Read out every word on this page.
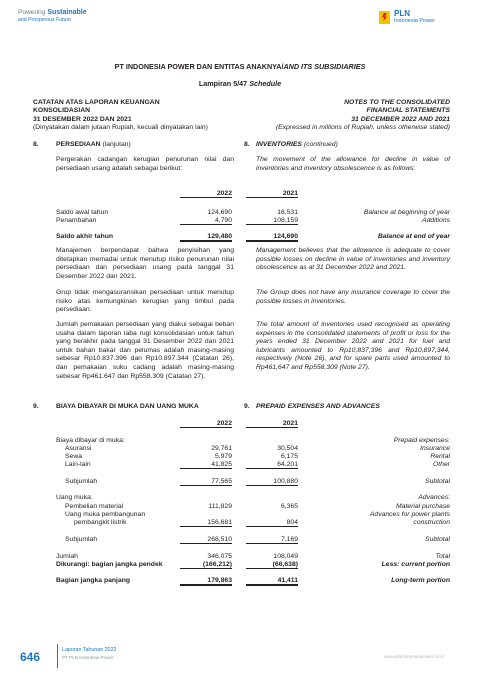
Powering Sustainable
and Prosperous Future
PLN
Indonesia Power
PT INDONESIA POWER DAN ENTITAS ANAKNYA/AND ITS SUBSIDIARIES
Lampiran 5/47 Schedule
CATATAN ATAS LAPORAN KEUANGAN
KONSOLIDASIAN
31 DESEMBER 2022 DAN 2021
(Dinyatakan dalam jutaan Rupiah, kecuali dinyatakan lain)
NOTES TO THE CONSOLIDATED
FINANCIAL STATEMENTS
31 DECEMBER 2022 AND 2021
(Expressed in millions of Rupiah, unless otherwise stated)
8.	PERSEDIAAN (lanjutan)	8. INVENTORIES (continued)
Pergerakan cadangan kerugian penurunan nilai dan persediaan usang adalah sebagai berikut:
The movement of the allowance for decline in value of inventories and inventory obsolescence is as follows:
2022	2021
Saldo awal tahun	124,690	16,531	Balance at beginning of year
Penambahan	4,790	108,159	Additions
Saldo akhir tahun	129,480	124,690	Balance at end of year
Manajemen berpendapat bahwa penyisihan yang ditetapkan memadai untuk menutup risiko penurunan nilai persediaan dan persediaan usang pada tanggal 31 Desember 2022 dan 2021.
Management believes that the allowance is adequate to cover possible losses on decline in value of inventories and inventory obsolescence as at 31 December 2022 and 2021.
Grup tidak mengasuransikan persediaan untuk menutup risiko atas kemungkinan kerugian yang timbul pada persediaan.
The Group does not have any insurance coverage to cover the possible losses in inventories.
Jumlah pemakaian persediaan yang diakui sebagai beban usaha dalam laporan laba rugi konsolidasian untuk tahun yang berakhir pada tanggal 31 Desember 2022 dan 2021 untuk bahan bakar dan pelumas adalah masing-masing sebesar Rp10.837.396 dan Rp10.897.344 (Catatan 26), dan pemakaian suku cadang adalah masing-masing sebesar Rp461.647 dan Rp558.309 (Catatan 27).
The total amount of inventories used recognised as operating expenses in the consolidated statements of profit or loss for the years ended 31 December 2022 and 2021 for fuel and lubricants amounted to Rp10,837,396 and Rp10,897,344, respectively (Note 26), and for spare parts used amounted to Rp461,647 and Rp558,309 (Note 27).
9.	BIAYA DIBAYAR DI MUKA DAN UANG MUKA	9. PREPAID EXPENSES AND ADVANCES
2022	2021
Biaya dibayar di muka:	Prepaid expenses:
Asuransi	29,761	30,504	Insurance
Sewa	5,979	6,175	Rental
Lain-lain	41,825	64,201	Other
Subjumlah	77,565	100,880	Subtotal
Uang muka:	Advances:
Pembelian material	111,829	6,365	Material purchase
Uang muka pembangunan
pembangkit listrik	156,681	804
Advances for power plants
construction
Subjumlah	268,510	7,169	Subtotal
Jumlah	346,075	108,049	Total
Dikurangi: bagian jangka pendek	(166,212)	(66,638)	Less: current portion
Bagian jangka panjang	179,863	41,411	Long-term portion
646	Laporan Tahunan 2022
PT PLN Indonesia Power	www.plnindonesiapower.co.id
